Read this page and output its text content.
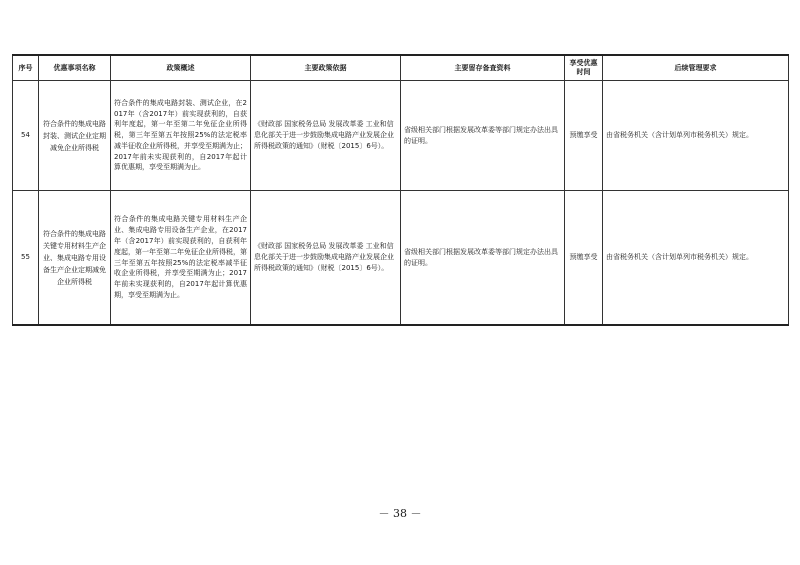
序号	优惠事项名称	政策概述	主要政策依据	主要留存备查资料	享受优惠时间	后续管理要求
54	符合条件的集成电路封装、测试企业定期减免企业所得税	符合条件的集成电路封装、测试企业，在2017年（含2017年）前实现获利的，自获利年度起，第一年至第二年免征企业所得税，第三年至第五年按照25%的法定税率减半征收企业所得税，并享受至期满为止；2017年前未实现获利的，自2017年起计算优惠期，享受至期满为止。	《财政部 国家税务总局 发展改革委 工业和信息化部关于进一步鼓励集成电路产业发展企业所得税政策的通知》（财税〔2015〕6号）。	省级相关部门根据发展改革委等部门规定办法出具的证明。	预缴享受	由省税务机关（含计划单列市税务机关）规定。
55	符合条件的集成电路关键专用材料生产企业、集成电路专用设备生产企业定期减免企业所得税	符合条件的集成电路关键专用材料生产企业、集成电路专用设备生产企业，在2017年（含2017年）前实现获利的，自获利年度起，第一年至第二年免征企业所得税，第三年至第五年按照25%的法定税率减半征收企业所得税，并享受至期满为止；2017年前未实现获利的，自2017年起计算优惠期，享受至期满为止。	《财政部 国家税务总局 发展改革委 工业和信息化部关于进一步鼓励集成电路产业发展企业所得税政策的通知》（财税〔2015〕6号）。	省级相关部门根据发展改革委等部门规定办法出具的证明。	预缴享受	由省税务机关（含计划单列市税务机关）规定。
－ 38 －
